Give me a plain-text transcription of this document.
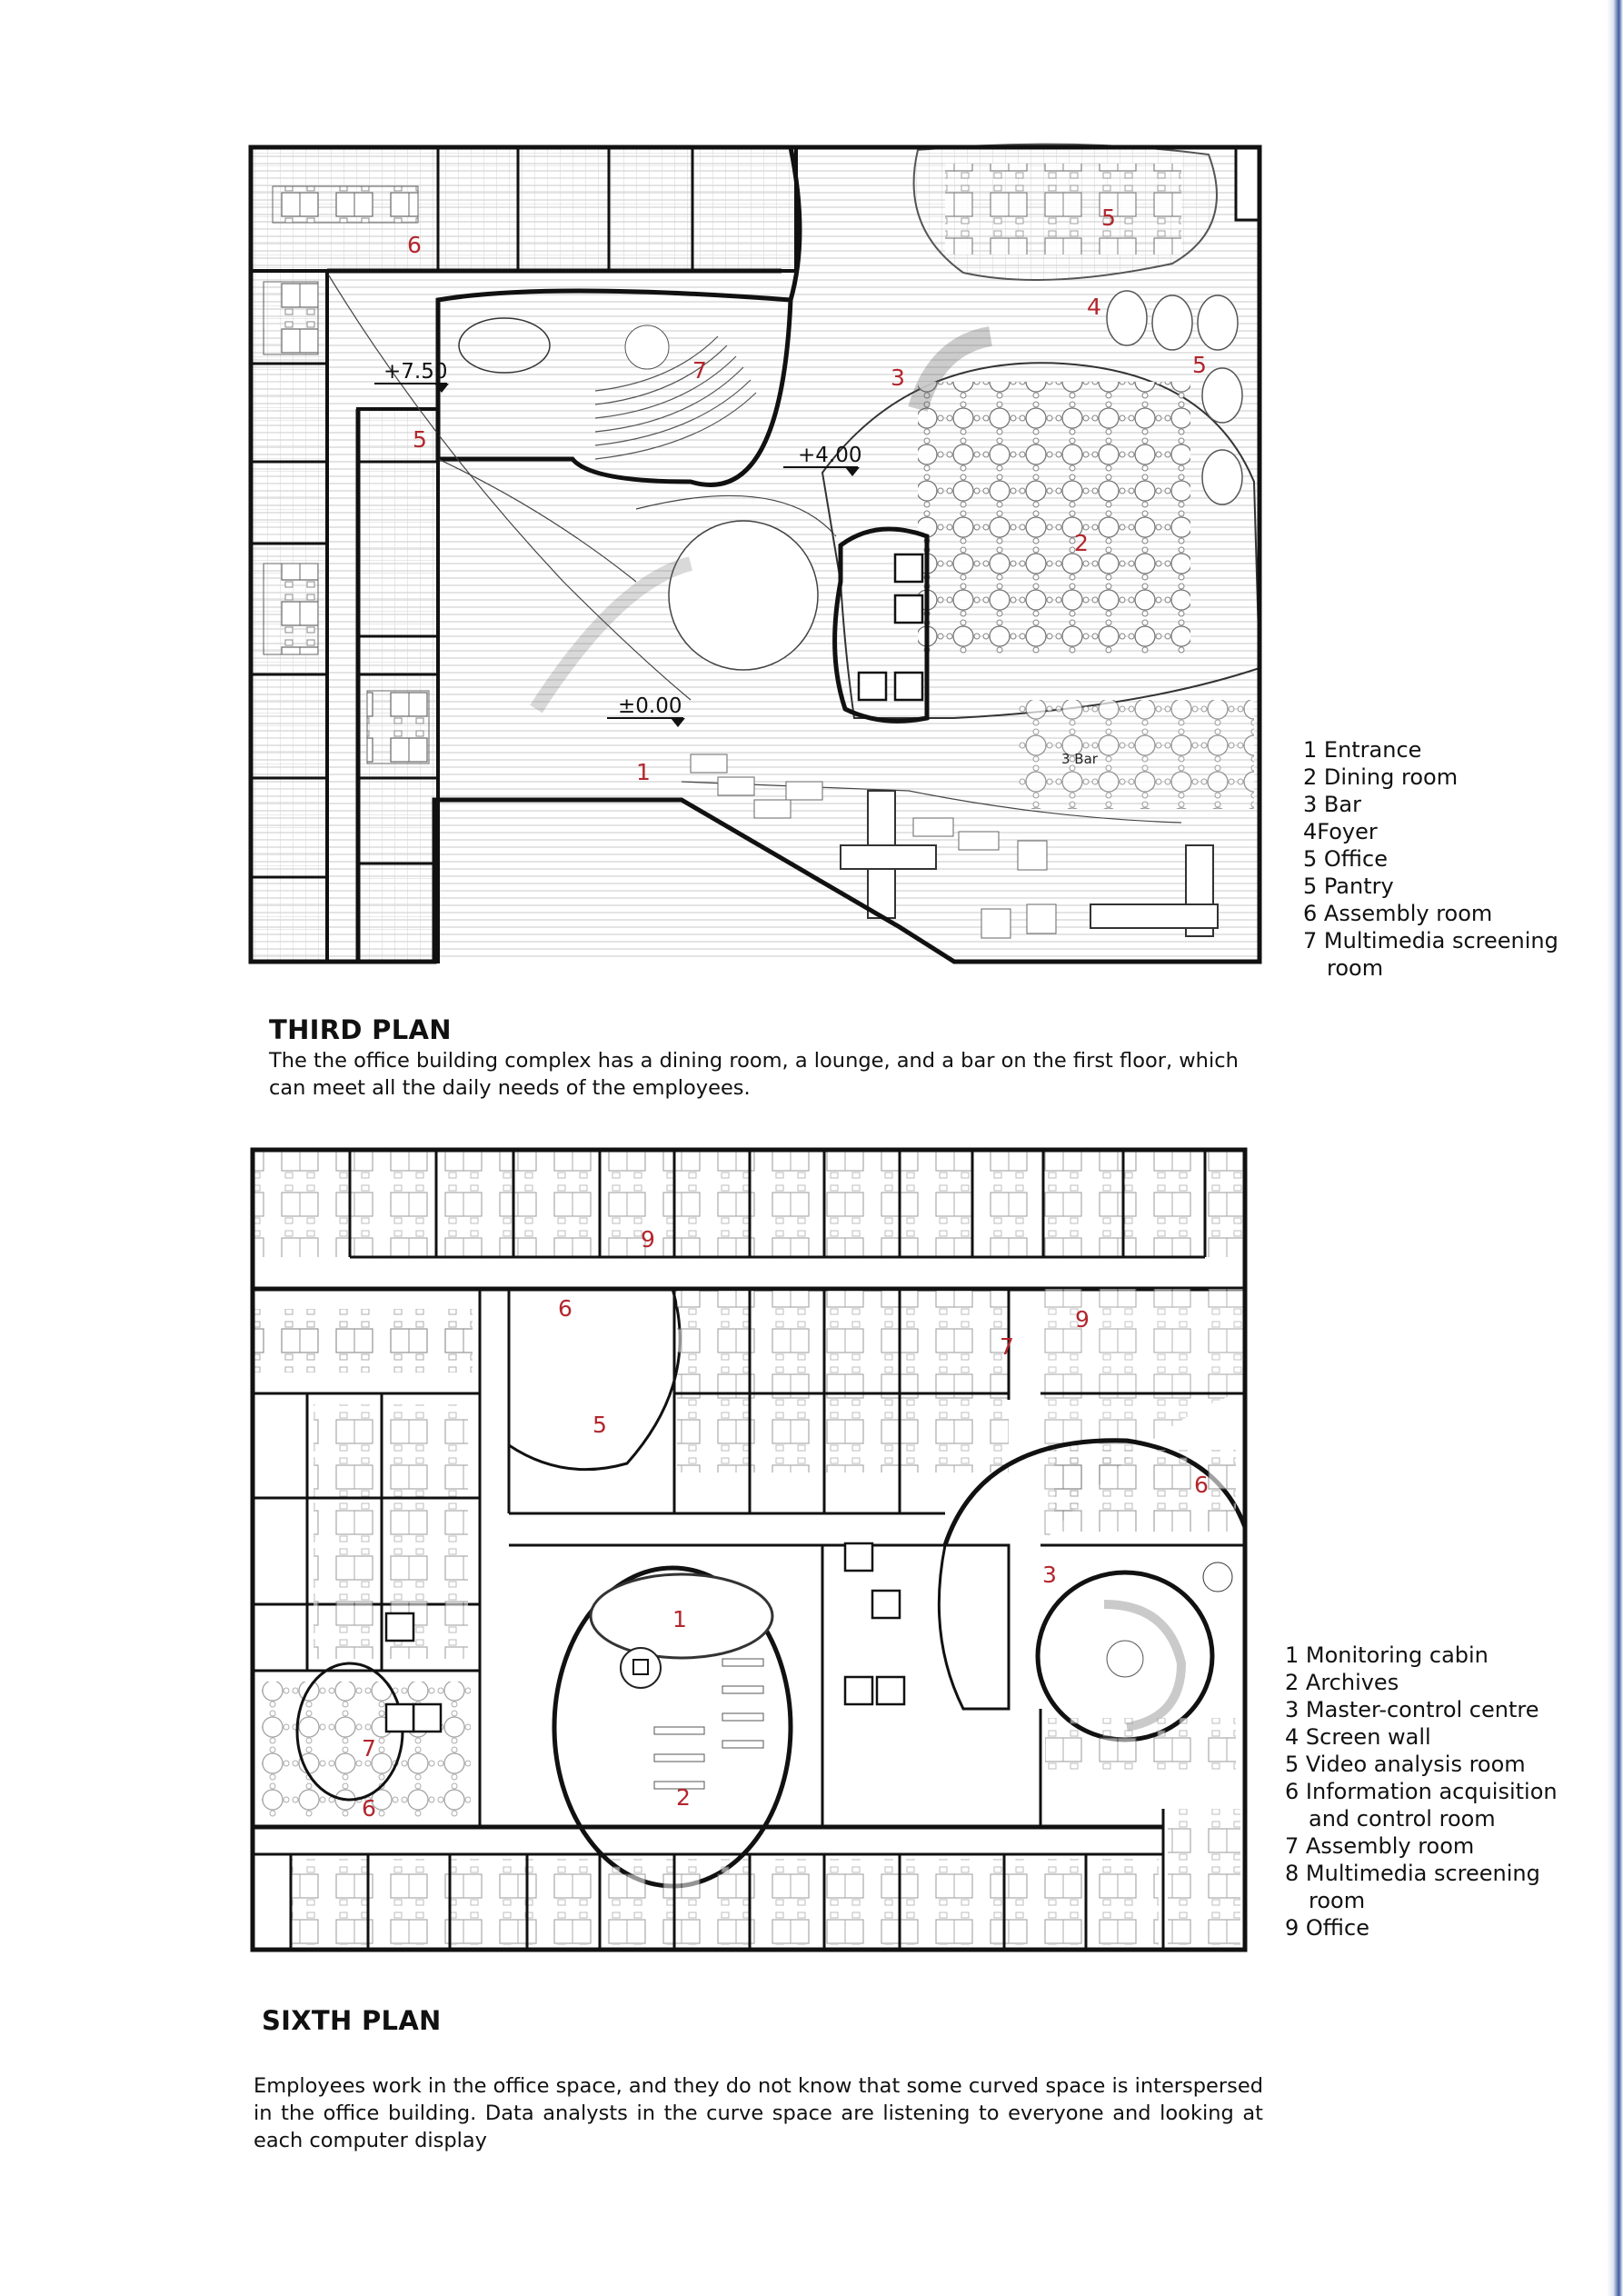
+7.50
+4.00
±0.00
6
5
5
4
3	5
2
7
1	3 Bar
9
6	9
7
5
6
3
1
7
2
6
1 Entrance
2 Dining room
3 Bar
4Foyer
5 Office
5 Pantry
6 Assembly room
7 Multimedia screening
room
THIRD PLAN
The the office building complex has a dining room, a lounge, and a bar on the first floor, which can meet all the daily needs of the employees.
1 Monitoring cabin
2 Archives
3 Master-control centre
4 Screen wall
5 Video analysis room
6 Information acquisition
and control room
7 Assembly room
8 Multimedia screening
room
9 Office
SIXTH PLAN
Employees work in the office space, and they do not know that some curved space is interspersed in the office building. Data analysts in the curve space are listening to everyone and looking at each computer display
